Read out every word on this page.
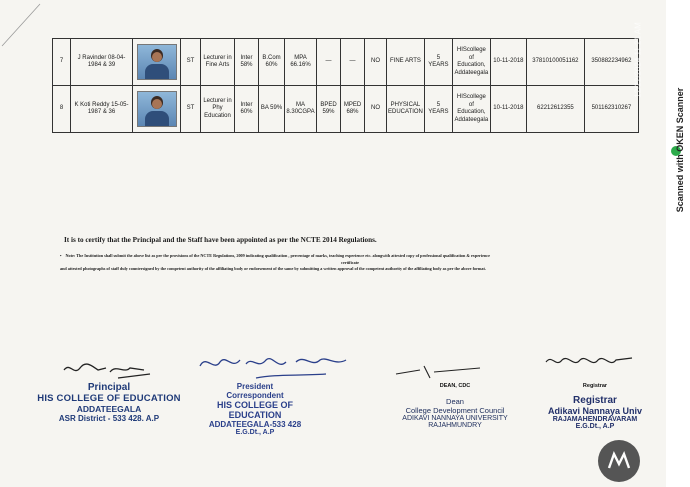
7	J Ravinder 08-04-1984 & 39		ST	Lecturer in Fine Arts	Inter 58%	B.Com 60%	MPA 66.16%	—	—	NO	FINE ARTS	5 YEARS	HIScollege of Education, Addateegala	10-11-2018	37810100051162	350882234962
8	K Koti Reddy 15-05-1987 & 36		ST	Lecturer in Phy Education	Inter 60%	BA 59%	MA 8.30CGPA	BPED 59%	MPED 68%	NO	PHYSICAL EDUCATION	5 YEARS	HIScollege of Education, Addateegala	10-11-2018	62212612355	501162310267
It is to certify that the Principal and the Staff have been appointed as per the NCTE 2014 Regulations.
• Note: The Institution shall submit the above list as per the provisions of the NCTE Regulations, 2009 indicating qualification , percentage of marks, teaching experience etc. alongwith attested copy of professional qualification & experience
certificate
and attested photographs of staff duly countersigned by the competent authority of the affiliating body or endorsement of the same by submitting a written approval of the competent authority of the affiliating body as per the above format.
Principal
HIS COLLEGE OF EDUCATION
ADDATEEGALA
ASR District - 533 428. A.P
President
Correspondent
HIS COLLEGE OF EDUCATION
ADDATEEGALA-533 428
E.G.Dt., A.P
DEAN, CDC
Dean
College Development Council
ADIKAVI NANNAYA UNIVERSITY
RAJAHMUNDRY
Registrar
Registrar
Adikavi Nannaya Univ
RAJAMAHENDRAVARAM
E.G.Dt., A.P
12/22/2024 11:21 AM
Scanned with OKEN Scanner
